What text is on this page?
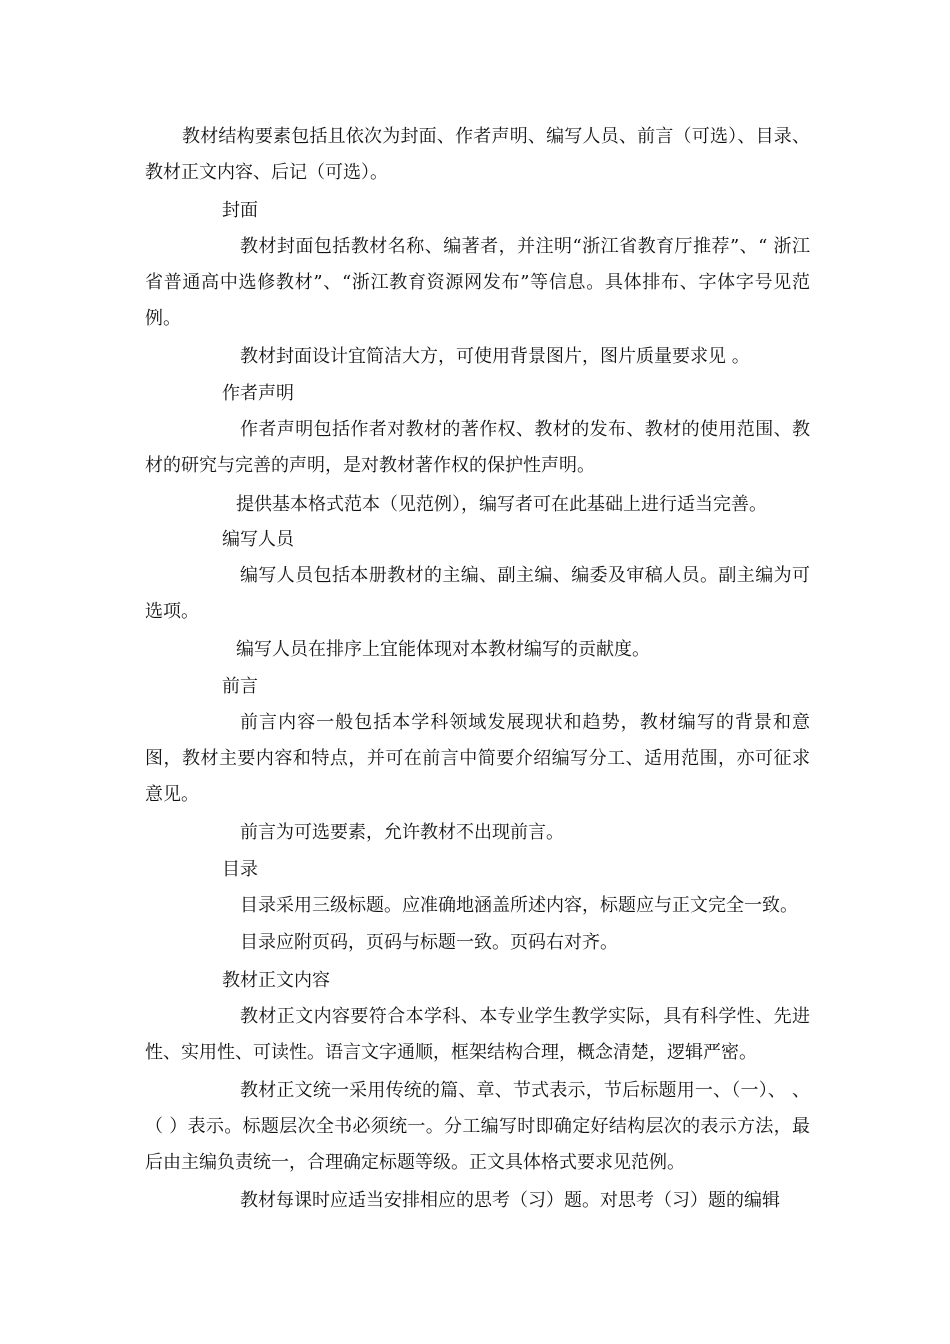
教材结构要素包括且依次为封面、作者声明、编写人员、前言（可选）、目录、教材正文内容、后记（可选）。

封面

教材封面包括教材名称、编著者，并注明“浙江省教育厅推荐”、“ 浙江省普通高中选修教材”、“浙江教育资源网发布”等信息。具体排布、字体字号见范例。

教材封面设计宜简洁大方，可使用背景图片，图片质量要求见 。

作者声明

作者声明包括作者对教材的著作权、教材的发布、教材的使用范围、教材的研究与完善的声明，是对教材著作权的保护性声明。

提供基本格式范本（见范例），编写者可在此基础上进行适当完善。

编写人员

编写人员包括本册教材的主编、副主编、编委及审稿人员。副主编为可选项。

编写人员在排序上宜能体现对本教材编写的贡献度。

前言

前言内容一般包括本学科领域发展现状和趋势，教材编写的背景和意图，教材主要内容和特点，并可在前言中简要介绍编写分工、适用范围，亦可征求意见。

前言为可选要素，允许教材不出现前言。

目录

目录采用三级标题。应准确地涵盖所述内容，标题应与正文完全一致。

目录应附页码，页码与标题一致。页码右对齐。

教材正文内容

教材正文内容要符合本学科、本专业学生教学实际，具有科学性、先进性、实用性、可读性。语言文字通顺，框架结构合理，概念清楚，逻辑严密。

教材正文统一采用传统的篇、章、节式表示，节后标题用一、（一）、 、（ ）表示。标题层次全书必须统一。分工编写时即确定好结构层次的表示方法，最后由主编负责统一，合理确定标题等级。正文具体格式要求见范例。

教材每课时应适当安排相应的思考（习）题。对思考（习）题的编辑
